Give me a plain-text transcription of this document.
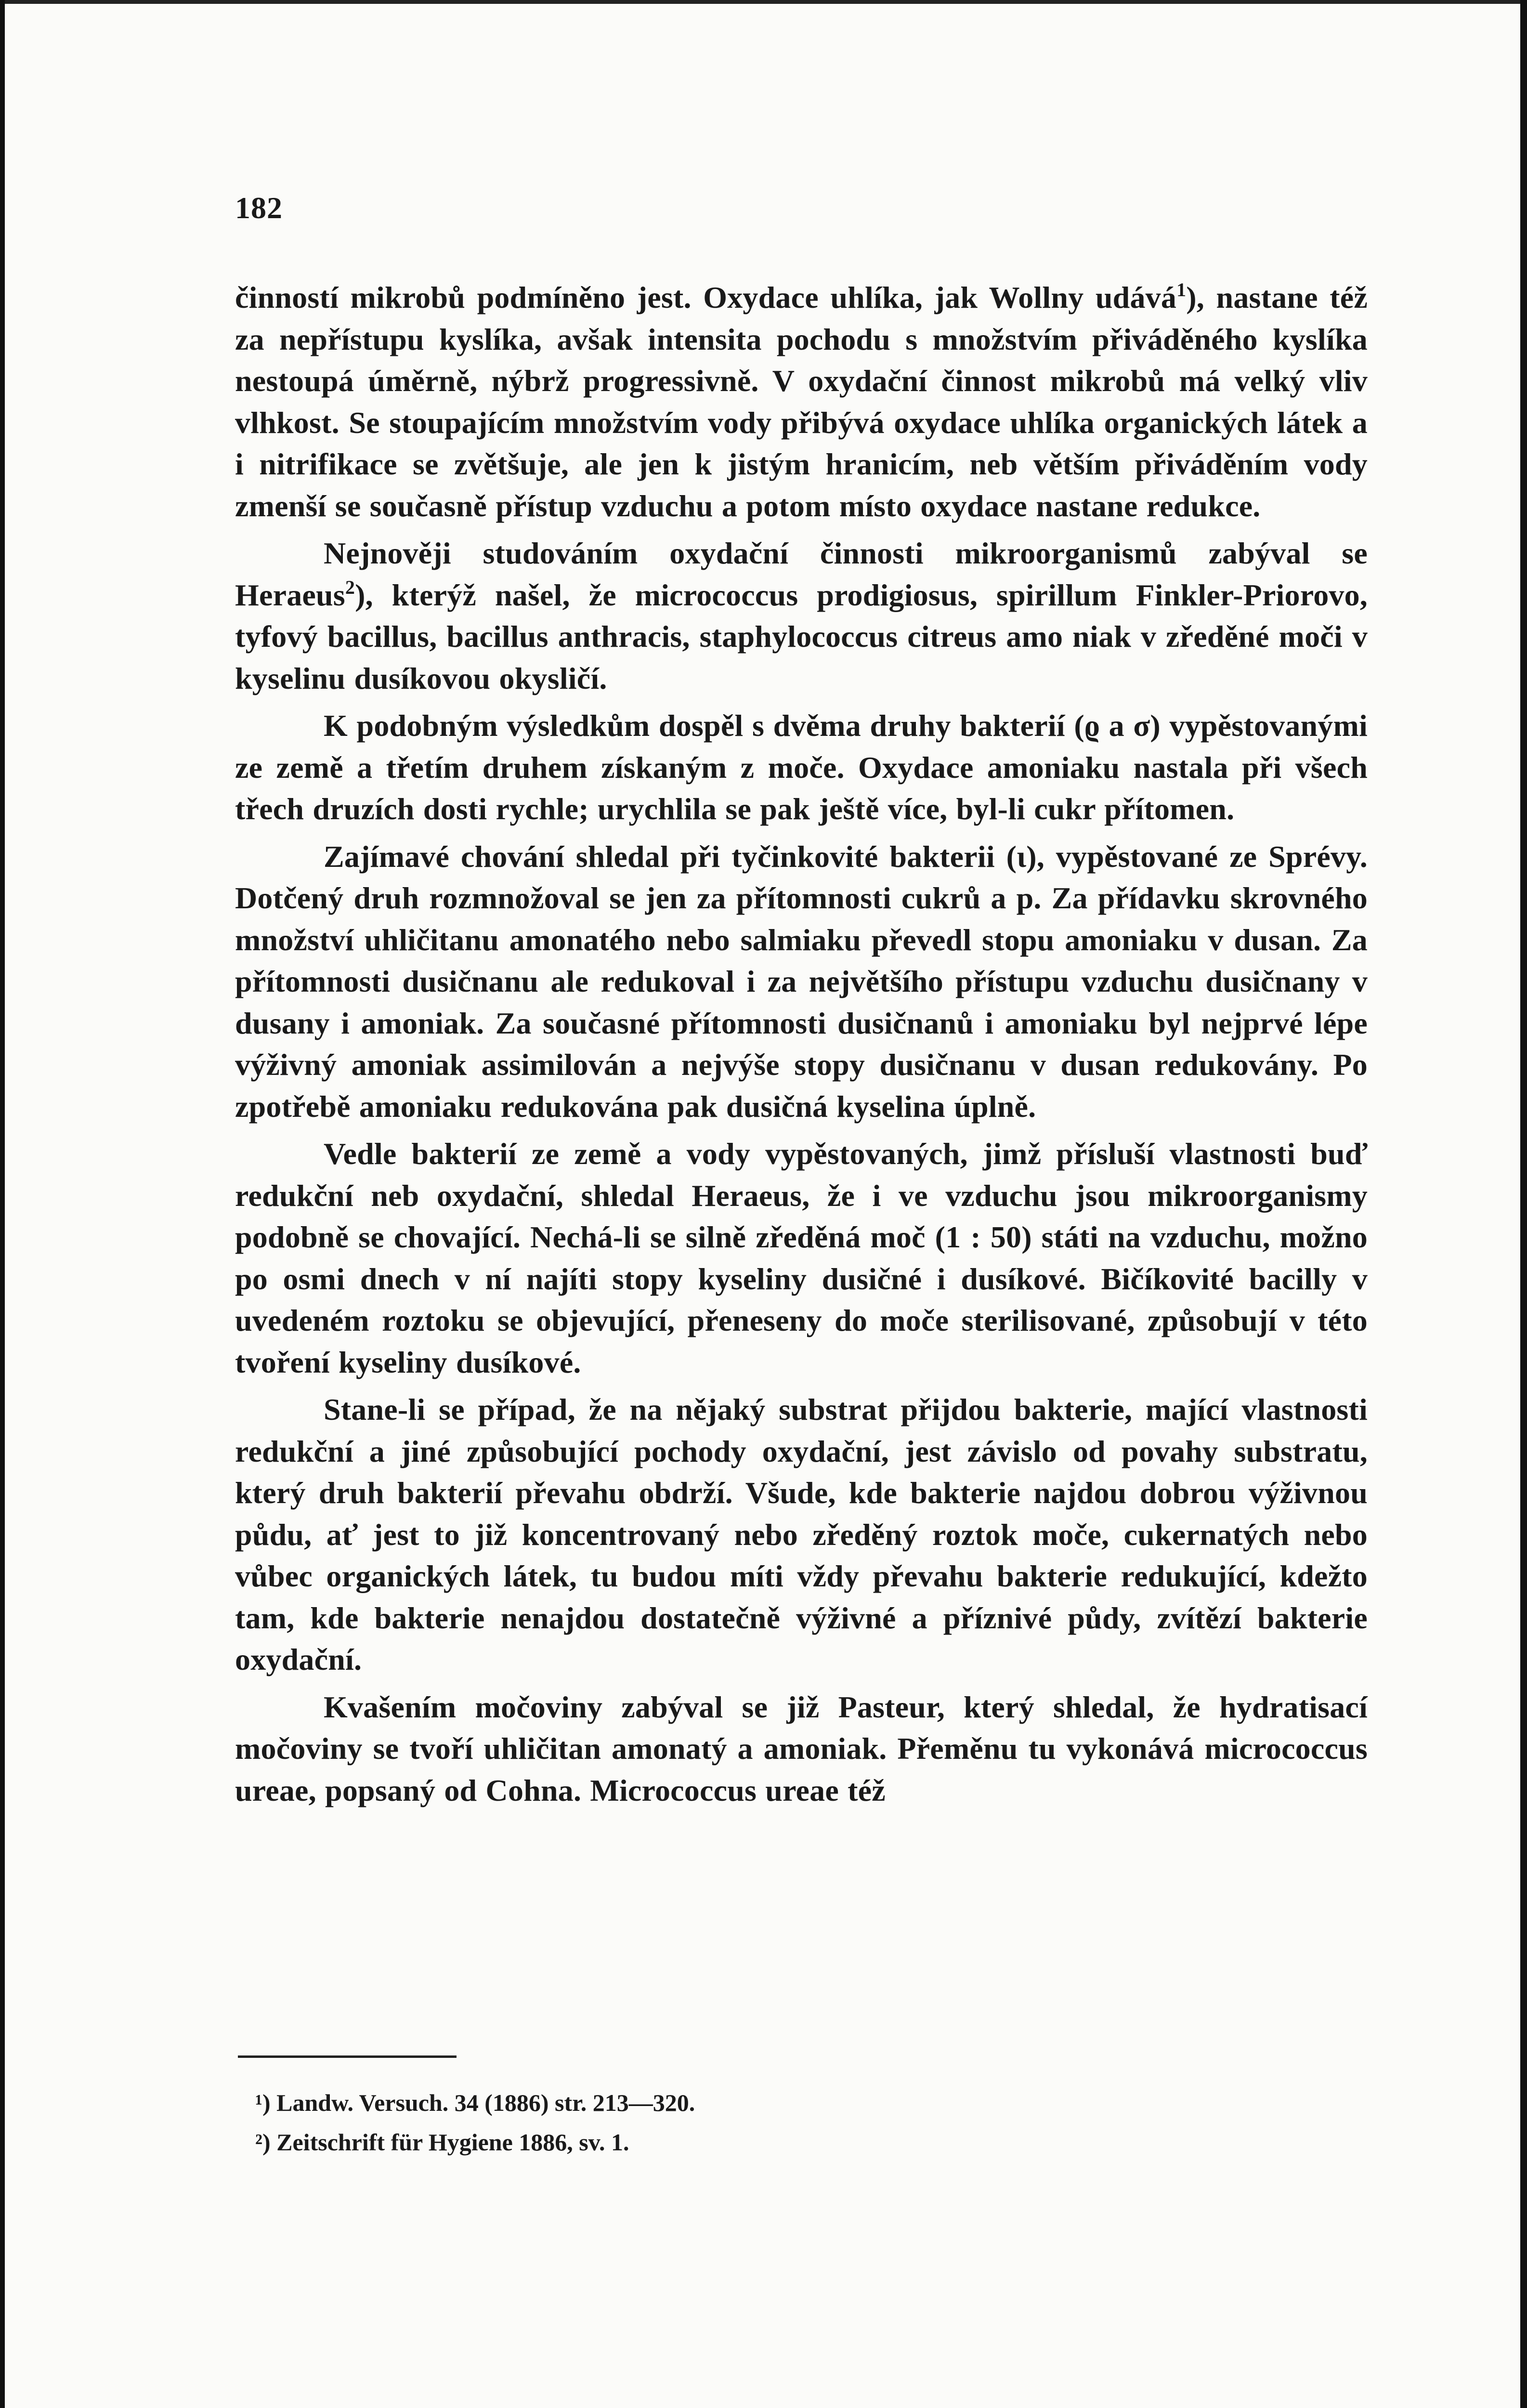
182

činností mikrobů podmíněno jest. Oxydace uhlíka, jak Wollny udává$^1$), nastane též za nepřístupu kyslíka, avšak intensita pochodu s množstvím přiváděného kyslíka nestoupá úměrně, nýbrž progressivně. V oxydační činnost mikrobů má velký vliv vlhkost. Se stoupajícím množstvím vody přibývá oxydace uhlíka organických látek a i nitrifikace se zvětšuje, ale jen k jistým hranicím, neb větším přiváděním vody zmenší se současně přístup vzduchu a potom místo oxydace nastane redukce.

Nejnověji studováním oxydační činnosti mikroorganismů zabýval se Heraeus$^2$), kterýž našel, že micrococcus prodigiosus, spirillum Finkler-Priorovo, tyfový bacillus, bacillus anthracis, staphylococcus citreus amo niak v zředěné moči v kyselinu dusíkovou okysličí.

K podobným výsledkům dospěl s dvěma druhy bakterií (ϱ a σ) vypěstovanými ze země a třetím druhem získaným z moče. Oxydace amoniaku nastala při všech třech druzích dosti rychle; urychlila se pak ještě více, byl-li cukr přítomen.

Zajímavé chování shledal při tyčinkovité bakterii (ι), vypěstované ze Sprévy. Dotčený druh rozmnožoval se jen za přítomnosti cukrů a p. Za přídavku skrovného množství uhličitanu amonatého nebo salmiaku převedl stopu amoniaku v dusan. Za přítomnosti dusičnanu ale redukoval i za největšího přístupu vzduchu dusičnany v dusany i amoniak. Za současné přítomnosti dusičnanů i amoniaku byl nejprvé lépe výživný amoniak assimilován a nejvýše stopy dusičnanu v dusan redukovány. Po zpotřebě amoniaku redukována pak dusičná kyselina úplně.

Vedle bakterií ze země a vody vypěstovaných, jimž přísluší vlastnosti buď redukční neb oxydační, shledal Heraeus, že i ve vzduchu jsou mikroorganismy podobně se chovající. Nechá-li se silně zředěná moč (1 : 50) státi na vzduchu, možno po osmi dnech v ní najíti stopy kyseliny dusičné i dusíkové. Bičíkovité bacilly v uvedeném roztoku se objevující, přeneseny do moče sterilisované, způsobují v této tvoření kyseliny dusíkové.

Stane-li se případ, že na nějaký substrat přijdou bakterie, mající vlastnosti redukční a jiné způsobující pochody oxydační, jest závislo od povahy substratu, který druh bakterií převahu obdrží. Všude, kde bakterie najdou dobrou výživnou půdu, ať jest to již koncentrovaný nebo zředěný roztok moče, cukernatých nebo vůbec organických látek, tu budou míti vždy převahu bakterie redukující, kdežto tam, kde bakterie nenajdou dostatečně výživné a příznivé půdy, zvítězí bakterie oxydační.

Kvašením močoviny zabýval se již Pasteur, který shledal, že hydratisací močoviny se tvoří uhličitan amonatý a amoniak. Přeměnu tu vykonává micrococcus ureae, popsaný od Cohna. Micrococcus ureae též

¹) Landw. Versuch. 34 (1886) str. 213—320.
²) Zeitschrift für Hygiene 1886, sv. 1.
